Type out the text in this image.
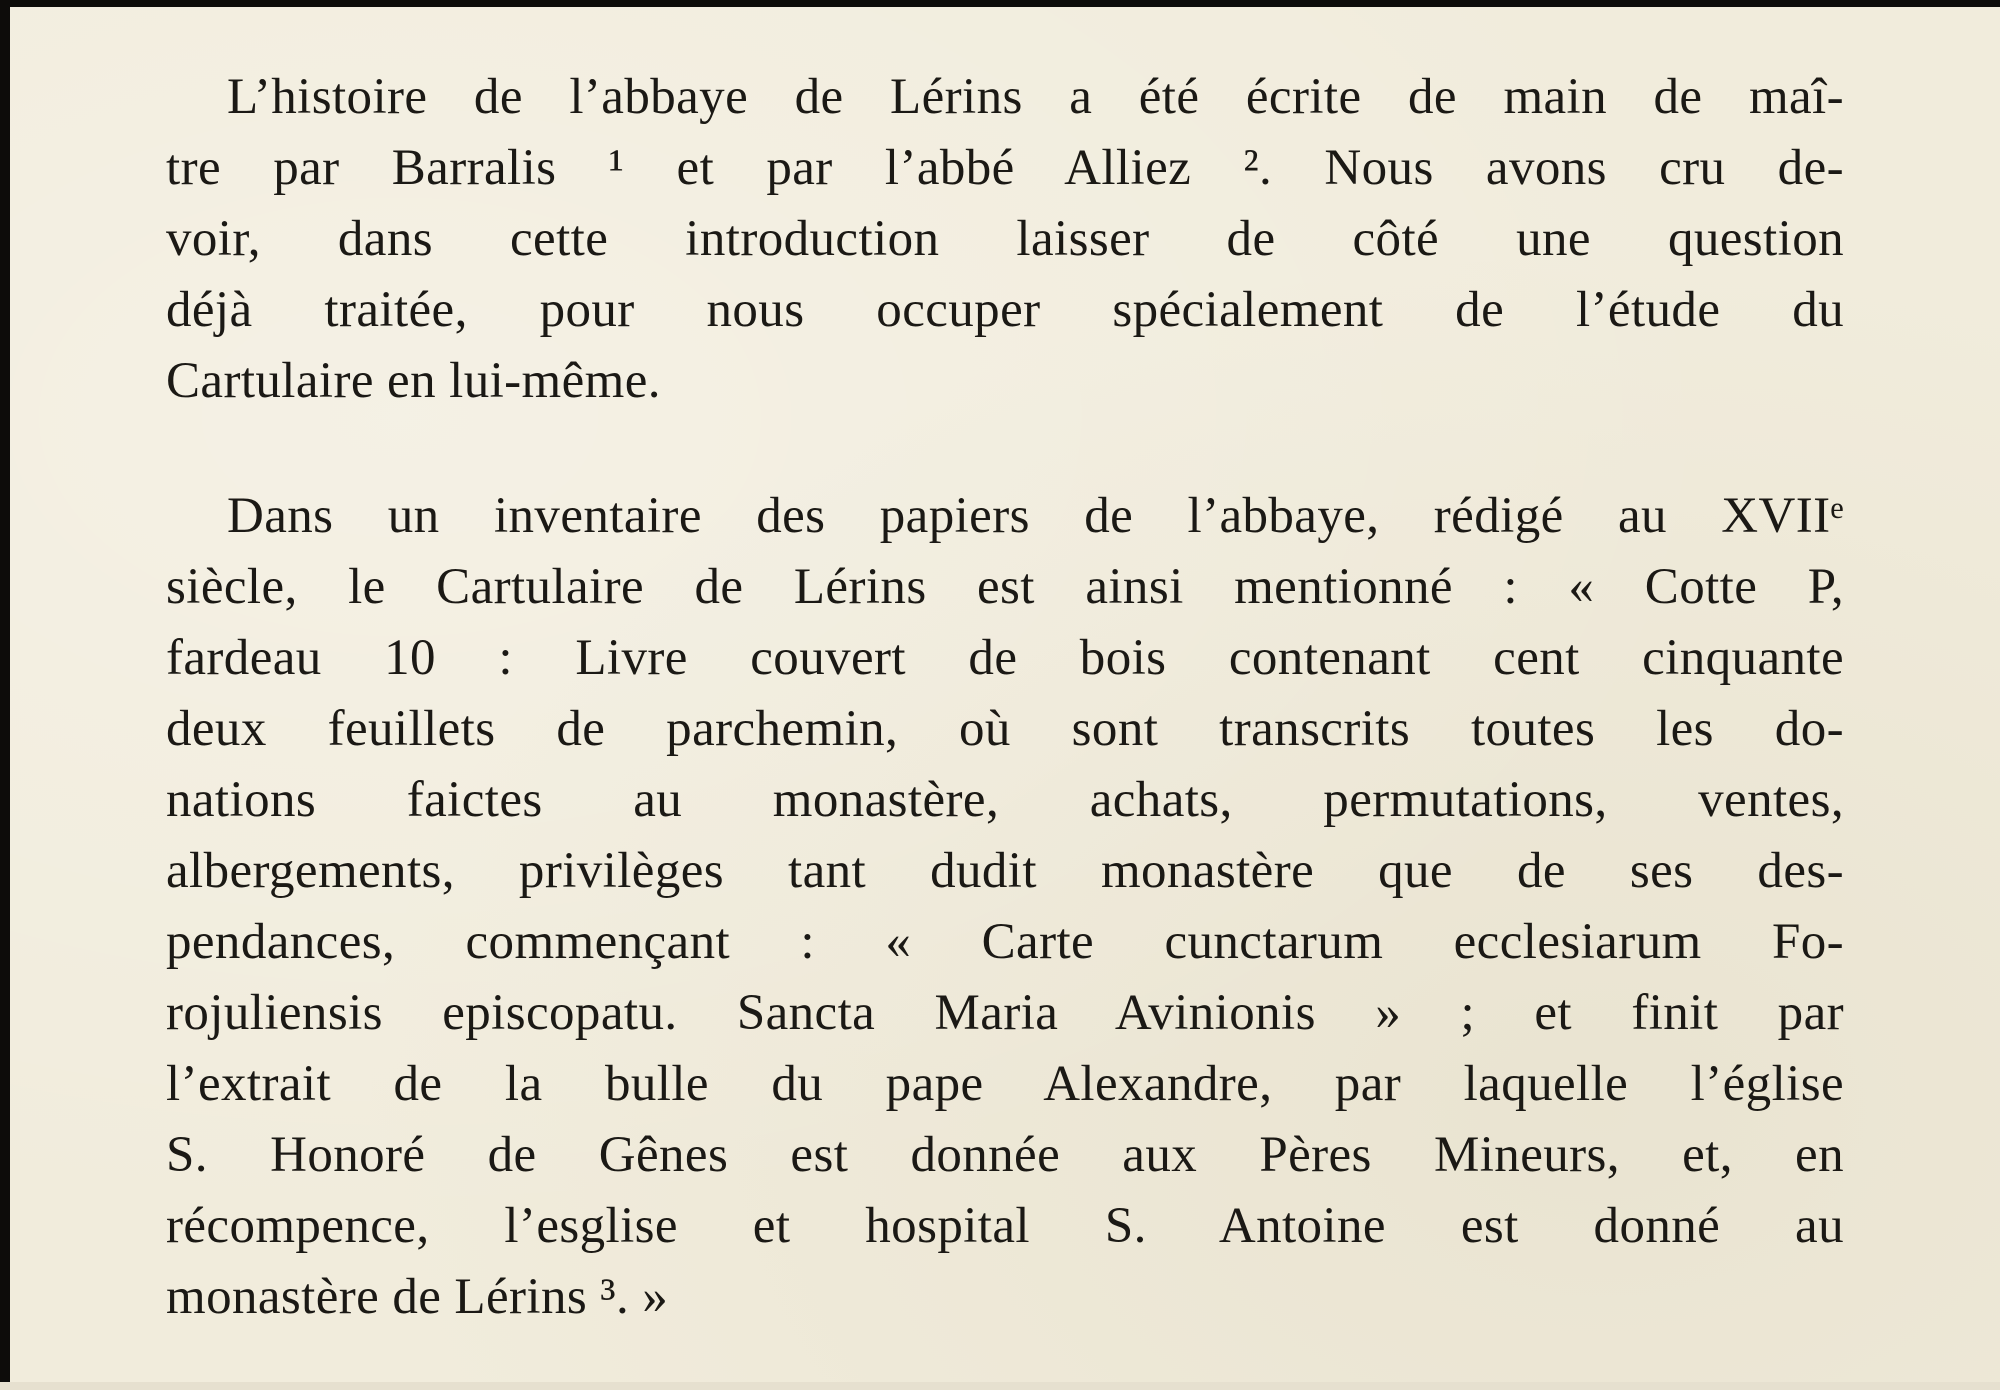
L’histoire de l’abbaye de Lérins a été écrite de main de maî-
tre par Barralis ¹ et par l’abbé Alliez ². Nous avons cru de-
voir, dans cette introduction laisser de côté une question
déjà traitée, pour nous occuper spécialement de l’étude du
Cartulaire en lui-même.
Dans un inventaire des papiers de l’abbaye, rédigé au XVIIᵉ
siècle, le Cartulaire de Lérins est ainsi mentionné : « Cotte P,
fardeau 10 : Livre couvert de bois contenant cent cinquante
deux feuillets de parchemin, où sont transcrits toutes les do-
nations faictes au monastère, achats, permutations, ventes,
albergements, privilèges tant dudit monastère que de ses des-
pendances, commençant : « Carte cunctarum ecclesiarum Fo-
rojuliensis episcopatu. Sancta Maria Avinionis » ; et finit par
l’extrait de la bulle du pape Alexandre, par laquelle l’église
S. Honoré de Gênes est donnée aux Pères Mineurs, et, en
récompence, l’esglise et hospital S. Antoine est donné au
monastère de Lérins ³. »
